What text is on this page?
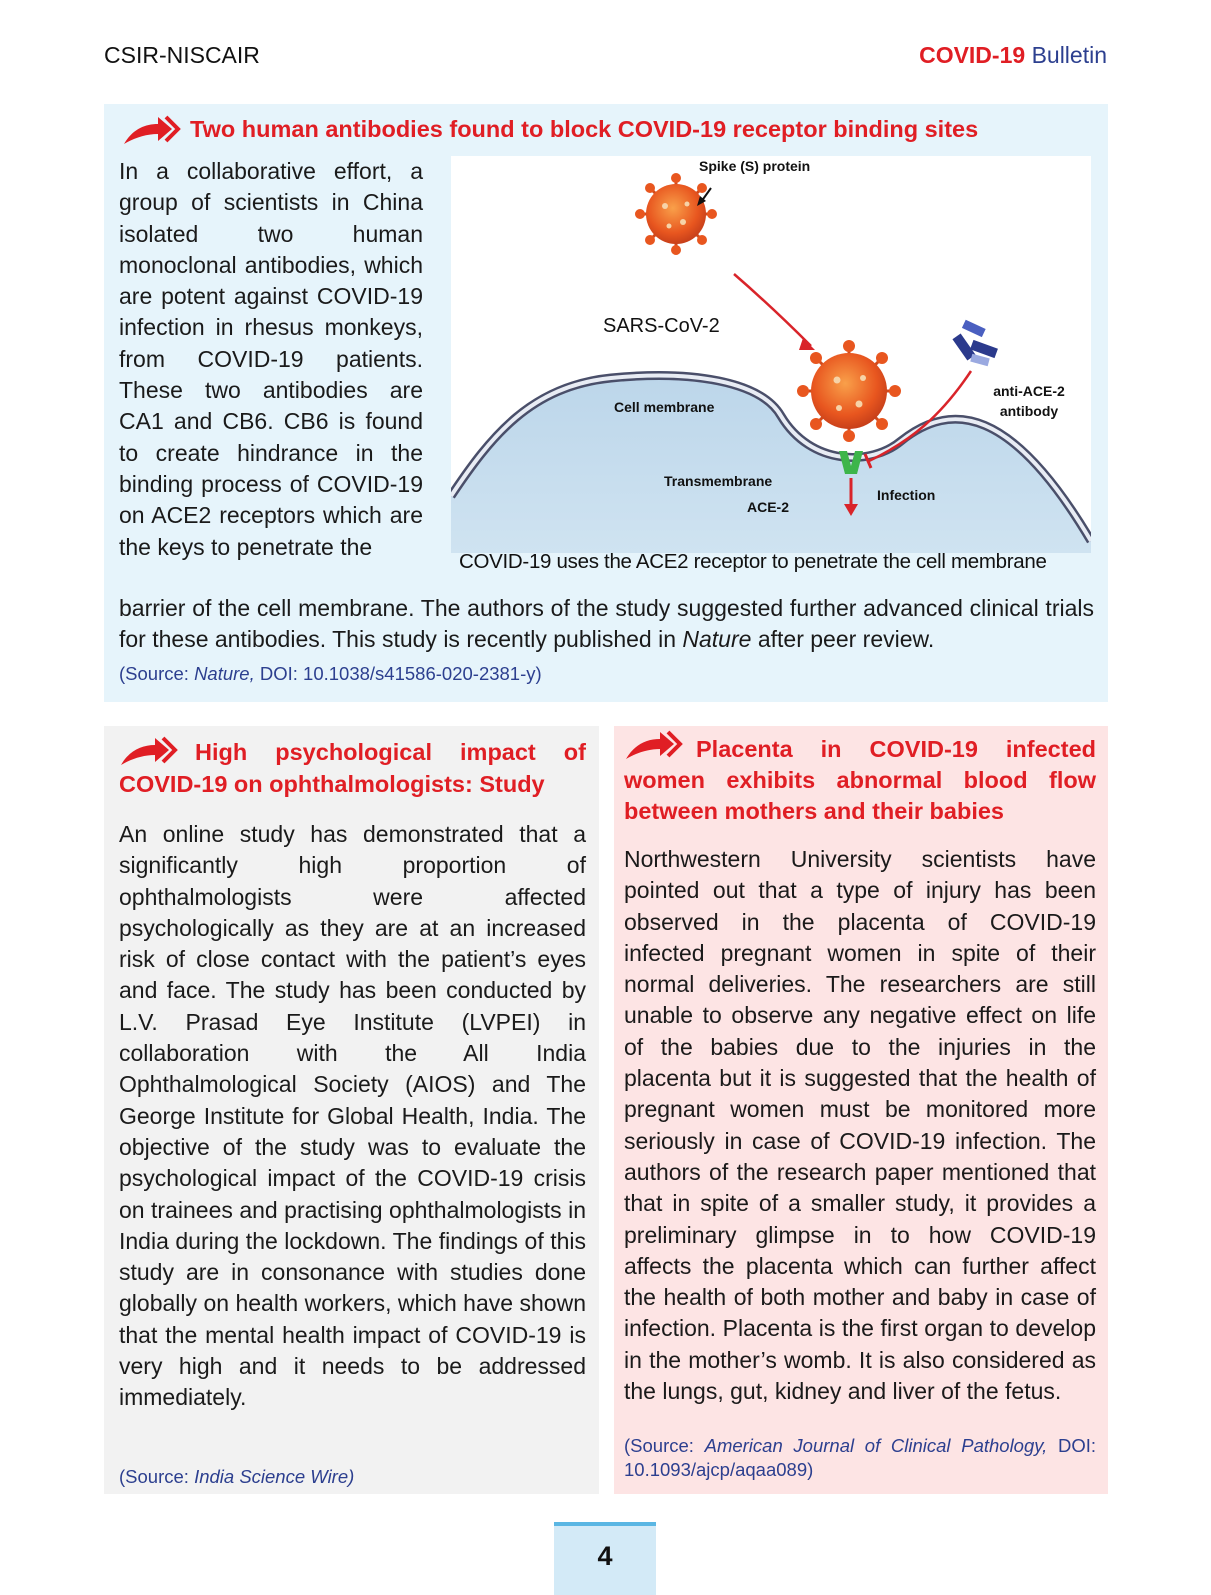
CSIR-NISCAIR	COVID-19 Bulletin
Two human antibodies found to block COVID-19 receptor binding sites
In a collaborative effort, a group of scientists in China isolated two human monoclonal antibodies, which are potent against COVID-19 infection in rhesus monkeys, from COVID-19 patients. These two antibodies are CA1 and CB6. CB6 is found to create hindrance in the binding process of COVID-19 on ACE2 receptors which are the keys to penetrate the
Spike (S) protein
SARS-CoV-2
anti-ACE-2
antibody
Cell membrane
Transmembrane
ACE-2
Infection
COVID-19 uses the ACE2 receptor to penetrate the cell membrane
barrier of the cell membrane. The authors of the study suggested further advanced clinical trials for these antibodies. This study is recently published in Nature after peer review.
(Source: Nature, DOI: 10.1038/s41586-020-2381-y)
High psychological impact of
COVID-19 on ophthalmologists: Study
An online study has demonstrated that a significantly high proportion of ophthalmologists were affected psychologically as they are at an increased risk of close contact with the patient’s eyes and face. The study has been conducted by L.V. Prasad Eye Institute (LVPEI) in collaboration with the All India Ophthalmological Society (AIOS) and The George Institute for Global Health, India. The objective of the study was to evaluate the psychological impact of the COVID-19 crisis on trainees and practising ophthalmologists in India during the lockdown. The findings of this study are in consonance with studies done globally on health workers, which have shown that the mental health impact of COVID-19 is very high and it needs to be addressed immediately.
(Source: India Science Wire)
Placenta in COVID-19 infected women exhibits abnormal blood flow between mothers and their babies
Northwestern University scientists have pointed out that a type of injury has been observed in the placenta of COVID-19 infected pregnant women in spite of their normal deliveries. The researchers are still unable to observe any negative effect on life of the babies due to the injuries in the placenta but it is suggested that the health of pregnant women must be monitored more seriously in case of COVID-19 infection. The authors of the research paper mentioned that that in spite of a smaller study, it provides a preliminary glimpse in to how COVID-19 affects the placenta which can further affect the health of both mother and baby in case of infection. Placenta is the first organ to develop in the mother’s womb. It is also considered as the lungs, gut, kidney and liver of the fetus.
(Source: American Journal of Clinical Pathology, DOI: 10.1093/ajcp/aqaa089)
4
